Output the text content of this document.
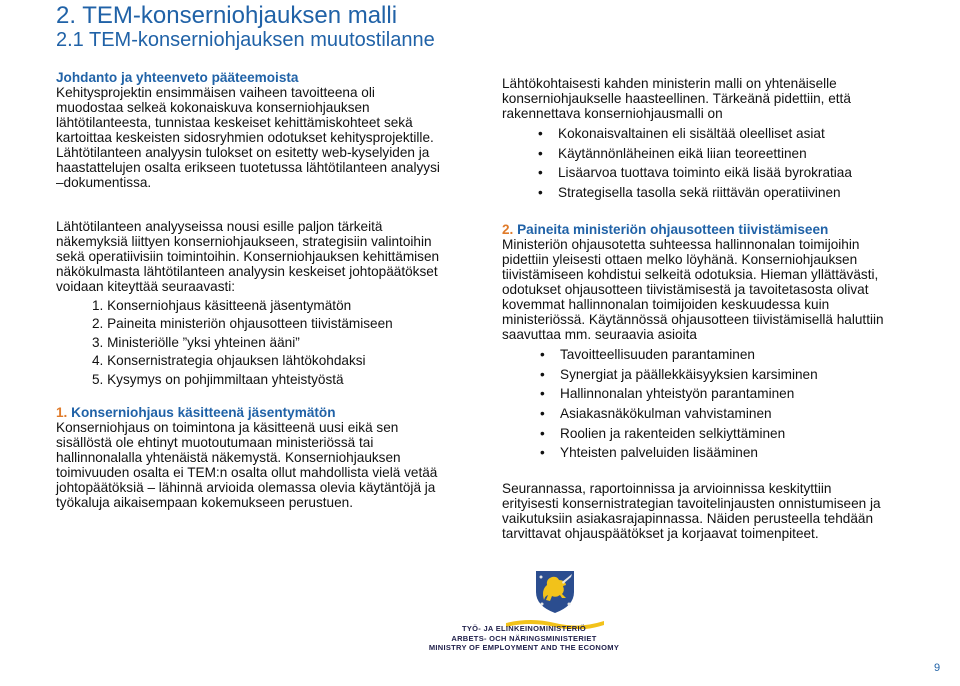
2. TEM-konserniohjauksen malli
2.1 TEM-konserniohjauksen muutostilanne

Johdanto ja yhteenveto pääteemoista

Kehitysprojektin ensimmäisen vaiheen tavoitteena oli

muodostaa selkeä kokonaiskuva konserniohjauksen

lähtötilanteesta, tunnistaa keskeiset kehittämiskohteet sekä

kartoittaa keskeisten sidosryhmien odotukset kehitysprojektille.

Lähtötilanteen analyysin tulokset on esitetty web-kyselyiden ja

haastattelujen osalta erikseen tuotetussa lähtötilanteen analyysi

–dokumentissa.

Lähtötilanteen analyyseissa nousi esille paljon tärkeitä

näkemyksiä liittyen konserniohjaukseen, strategisiin valintoihin

sekä operatiivisiin toimintoihin. Konserniohjauksen kehittämisen

näkökulmasta lähtötilanteen analyysin keskeiset johtopäätökset

voidaan kiteyttää seuraavasti:

1. Konserniohjaus käsitteenä jäsentymätön
2. Paineita ministeriön ohjausotteen tiivistämiseen
3. Ministeriölle ”yksi yhteinen ääni”
4. Konsernistrategia ohjauksen lähtökohdaksi
5. Kysymys on pohjimmiltaan yhteistyöstä

1. Konserniohjaus käsitteenä jäsentymätön

Konserniohjaus on toimintona ja käsitteenä uusi eikä sen

sisällöstä ole ehtinyt muotoutumaan ministeriössä tai

hallinnonalalla yhtenäistä näkemystä. Konserniohjauksen

toimivuuden osalta ei TEM:n osalta ollut mahdollista vielä vetää

johtopäätöksiä – lähinnä arvioida olemassa olevia käytäntöjä ja

työkaluja aikaisempaan kokemukseen perustuen.

Lähtökohtaisesti kahden ministerin malli on yhtenäiselle

konserniohjaukselle haasteellinen. Tärkeänä pidettiin, että

rakennettava konserniohjausmalli on

• Kokonaisvaltainen eli sisältää oleelliset asiat
• Käytännönläheinen eikä liian teoreettinen
• Lisäarvoa tuottava toiminto eikä lisää byrokratiaa
• Strategisella tasolla sekä riittävän operatiivinen

2. Paineita ministeriön ohjausotteen tiivistämiseen

Ministeriön ohjausotetta suhteessa hallinnonalan toimijoihin

pidettiin yleisesti ottaen melko löyhänä. Konserniohjauksen

tiivistämiseen kohdistui selkeitä odotuksia. Hieman yllättävästi,

odotukset ohjausotteen tiivistämisestä ja tavoitetasosta olivat

kovemmat hallinnonalan toimijoiden keskuudessa kuin

ministeriössä. Käytännössä ohjausotteen tiivistämisellä haluttiin

saavuttaa mm. seuraavia asioita

• Tavoitteellisuuden parantaminen
• Synergiat ja päällekkäisyyksien karsiminen
• Hallinnonalan yhteistyön parantaminen
• Asiakasnäkökulman vahvistaminen
• Roolien ja rakenteiden selkiyttäminen
• Yhteisten palveluiden lisääminen

Seurannassa, raportoinnissa ja arvioinnissa keskityttiin

erityisesti konsernistrategian tavoitelinjausten onnistumiseen ja

vaikutuksiin asiakasrajapinnassa. Näiden perusteella tehdään

tarvittavat ohjauspäätökset ja korjaavat toimenpiteet.

TYÖ- JA ELINKEINOMINISTERIÖ
ARBETS- OCH NÄRINGSMINISTERIET
MINISTRY OF EMPLOYMENT AND THE ECONOMY
9
